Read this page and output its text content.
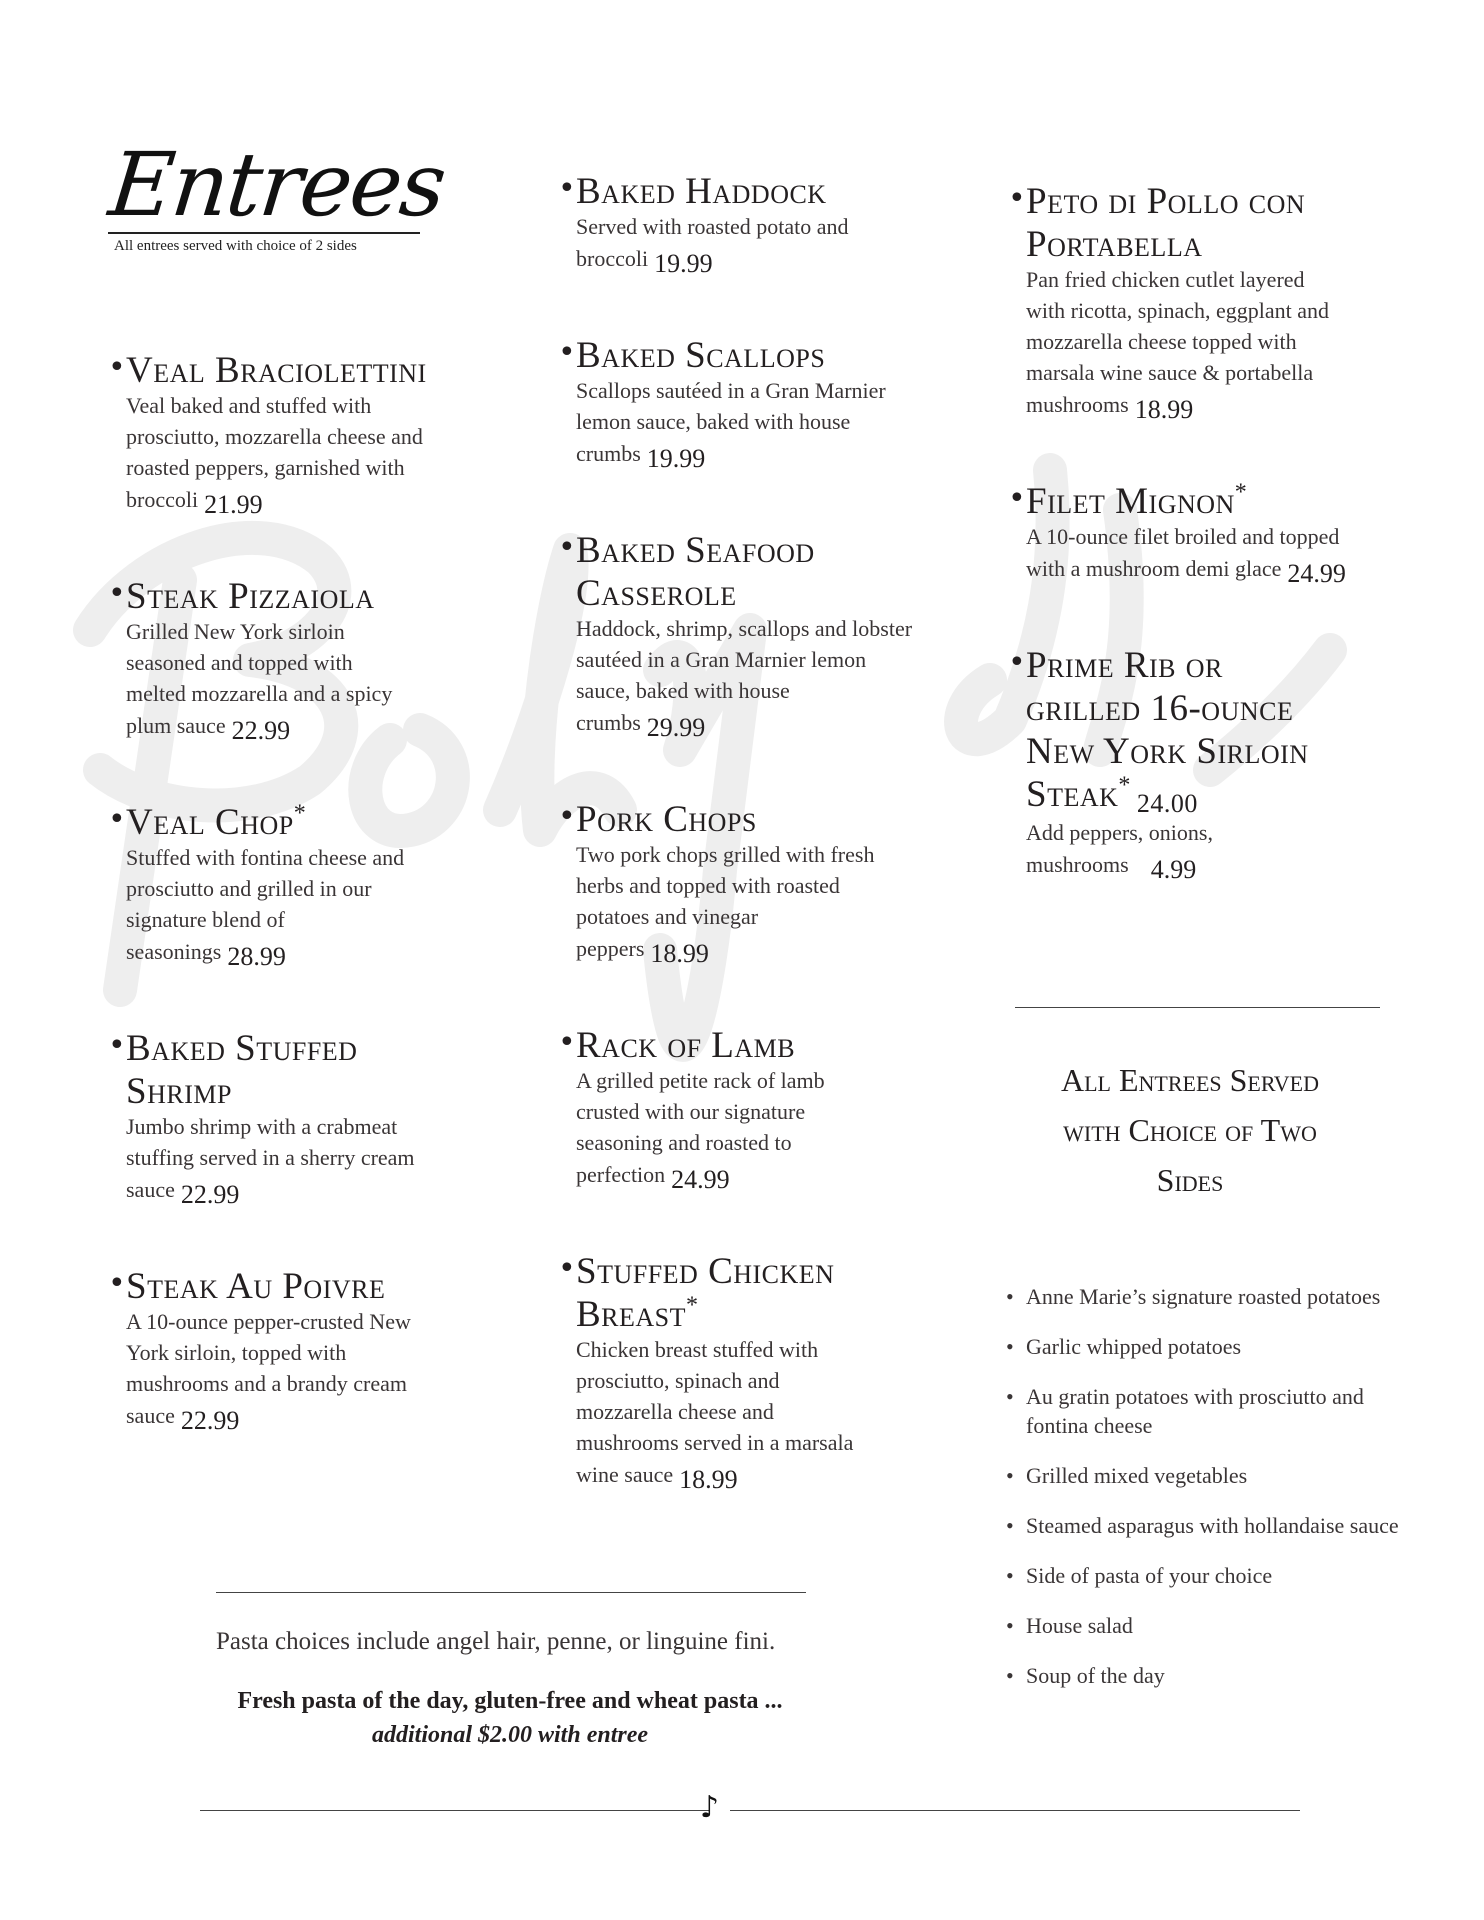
Entrees
All entrees served with choice of 2 sides
• Veal Braciolettini
Veal baked and stuffed with prosciutto, mozzarella cheese and roasted peppers, garnished with broccoli 21.99
• Steak Pizzaiola
Grilled New York sirloin seasoned and topped with melted mozzarella and a spicy plum sauce 22.99
• Veal Chop*
Stuffed with fontina cheese and prosciutto and grilled in our signature blend of seasonings 28.99
• Baked Stuffed Shrimp
Jumbo shrimp with a crabmeat stuffing served in a sherry cream sauce 22.99
• Steak Au Poivre
A 10-ounce pepper-crusted New York sirloin, topped with mushrooms and a brandy cream sauce 22.99
• Baked Haddock
Served with roasted potato and broccoli 19.99
• Baked Scallops
Scallops sautéed in a Gran Marnier lemon sauce, baked with house crumbs 19.99
• Baked Seafood Casserole
Haddock, shrimp, scallops and lobster sautéed in a Gran Marnier lemon sauce, baked with house crumbs 29.99
• Pork Chops
Two pork chops grilled with fresh herbs and topped with roasted potatoes and vinegar peppers 18.99
• Rack of Lamb
A grilled petite rack of lamb crusted with our signature seasoning and roasted to perfection 24.99
• Stuffed Chicken Breast*
Chicken breast stuffed with prosciutto, spinach and mozzarella cheese and mushrooms served in a marsala wine sauce 18.99
• Peto di Pollo con Portabella
Pan fried chicken cutlet layered with ricotta, spinach, eggplant and mozzarella cheese topped with marsala wine sauce & portabella mushrooms 18.99
• Filet Mignon*
A 10-ounce filet broiled and topped with a mushroom demi glace 24.99
• Prime Rib or grilled 16-ounce New York Sirloin Steak*24.00
Add peppers, onions, mushrooms 4.99
All Entrees Served with Choice of Two Sides
• Anne Marie’s signature roasted potatoes
• Garlic whipped potatoes
• Au gratin potatoes with prosciutto and fontina cheese
• Grilled mixed vegetables
• Steamed asparagus with hollandaise sauce
• Side of pasta of your choice
• House salad
• Soup of the day
Pasta choices include angel hair, penne, or linguine fini.
Fresh pasta of the day, gluten-free and wheat pasta ...
additional $2.00 with entree
♪
